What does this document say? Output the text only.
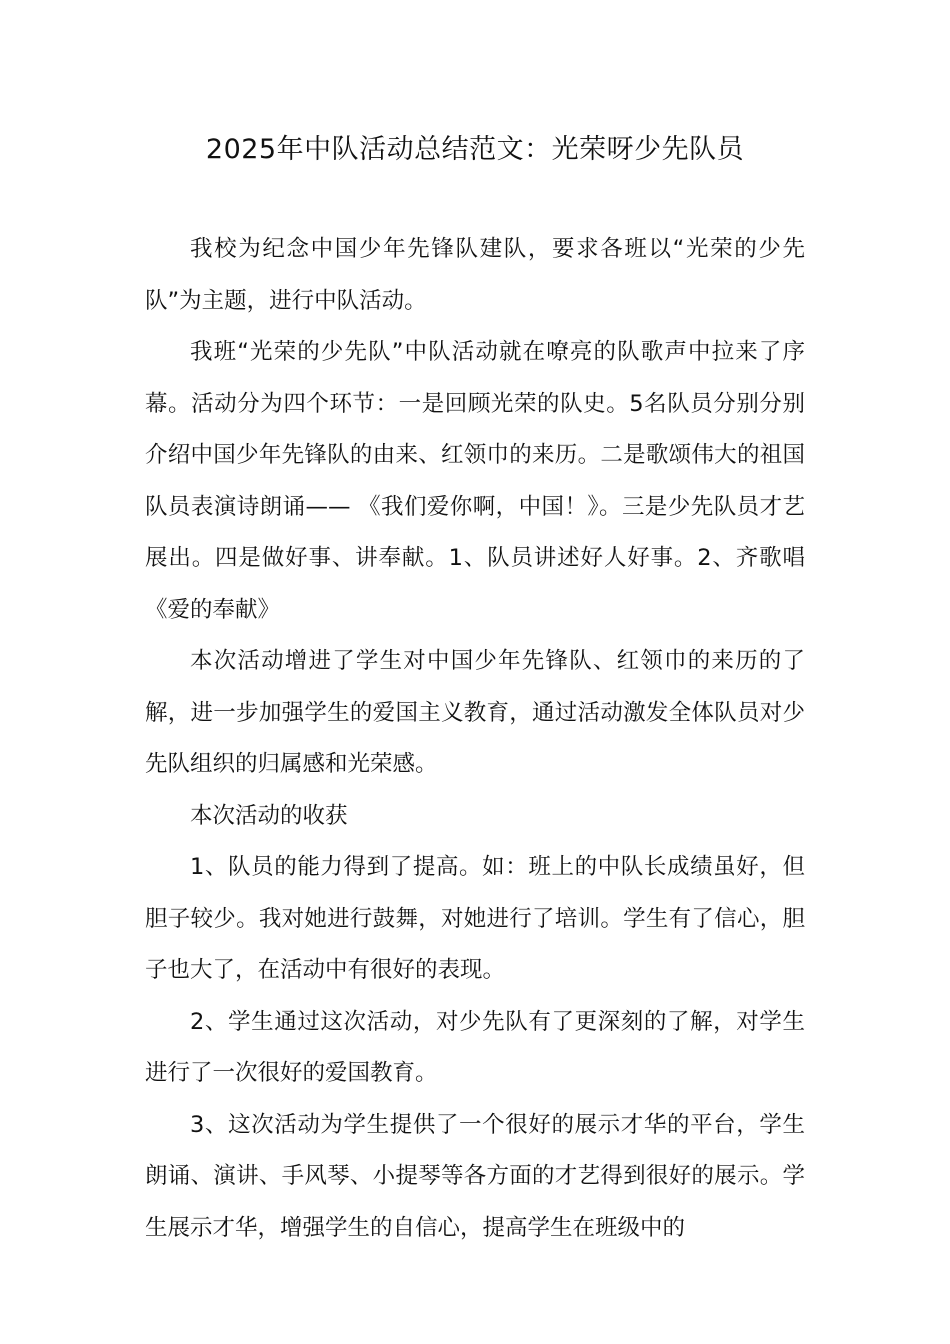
2025年中队活动总结范文：光荣呀少先队员

我校为纪念中国少年先锋队建队，要求各班以“光荣的少先队”为主题，进行中队活动。

我班“光荣的少先队”中队活动就在嘹亮的队歌声中拉来了序幕。活动分为四个环节：一是回顾光荣的队史。5名队员分别分别介绍中国少年先锋队的由来、红领巾的来历。二是歌颂伟大的祖国队员表演诗朗诵—— 《我们爱你啊，中国！》。三是少先队员才艺展出。四是做好事、讲奉献。1、队员讲述好人好事。2、齐歌唱《爱的奉献》

本次活动增进了学生对中国少年先锋队、红领巾的来历的了解，进一步加强学生的爱国主义教育，通过活动激发全体队员对少先队组织的归属感和光荣感。

本次活动的收获

1、队员的能力得到了提高。如：班上的中队长成绩虽好，但胆子较少。我对她进行鼓舞，对她进行了培训。学生有了信心，胆子也大了，在活动中有很好的表现。

2、学生通过这次活动，对少先队有了更深刻的了解，对学生进行了一次很好的爱国教育。

3、这次活动为学生提供了一个很好的展示才华的平台，学生朗诵、演讲、手风琴、小提琴等各方面的才艺得到很好的展示。学生展示才华，增强学生的自信心，提高学生在班级中的
